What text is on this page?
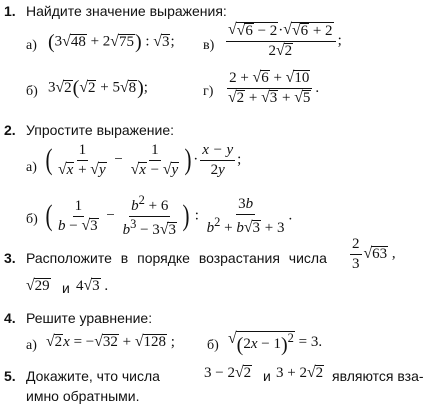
1. Найдите значение выражения:
а) (3 √ 48 + 2 √ 75 ) : √ 3 ; $в) \frac{√ √ 6 - 2 \cdot √ √ 6 + 2}{2 √ 2}$ ;
б) 3 √ 2 ( √ 2 + 5 √ 8 );	$г) \frac{2 + √ 6 + √ 10}{√ 2 + √ 3 + √ 5}$ .
2. Упростите выражение:
а) ( $\frac{1}{√ x + √ y} - \frac{1}{√ x - √ y}$ ) · $\frac{x - y}{2y}$ ;
б) ( $\frac{1}{b - √ 3} - \frac{b^2 + 6}{b^3 - 3 √ 3}$ ) : $\frac{3b}{b^2 + b √ 3 + 3}$ .
3. Расположите в порядке возрастания числа $\frac{2}{3}$ √ 63 ,
√ 29 и 4 √ 3 .
4. Решите уравнение:
а) √ 2 x = − √ 32 + √ 128 ; б) √ $(2x - 1)^2 = 3$.
5. Докажите, что числа	3 − 2 √ 2 и 3 + 2 √ 2 являются вза-
имно обратными.
